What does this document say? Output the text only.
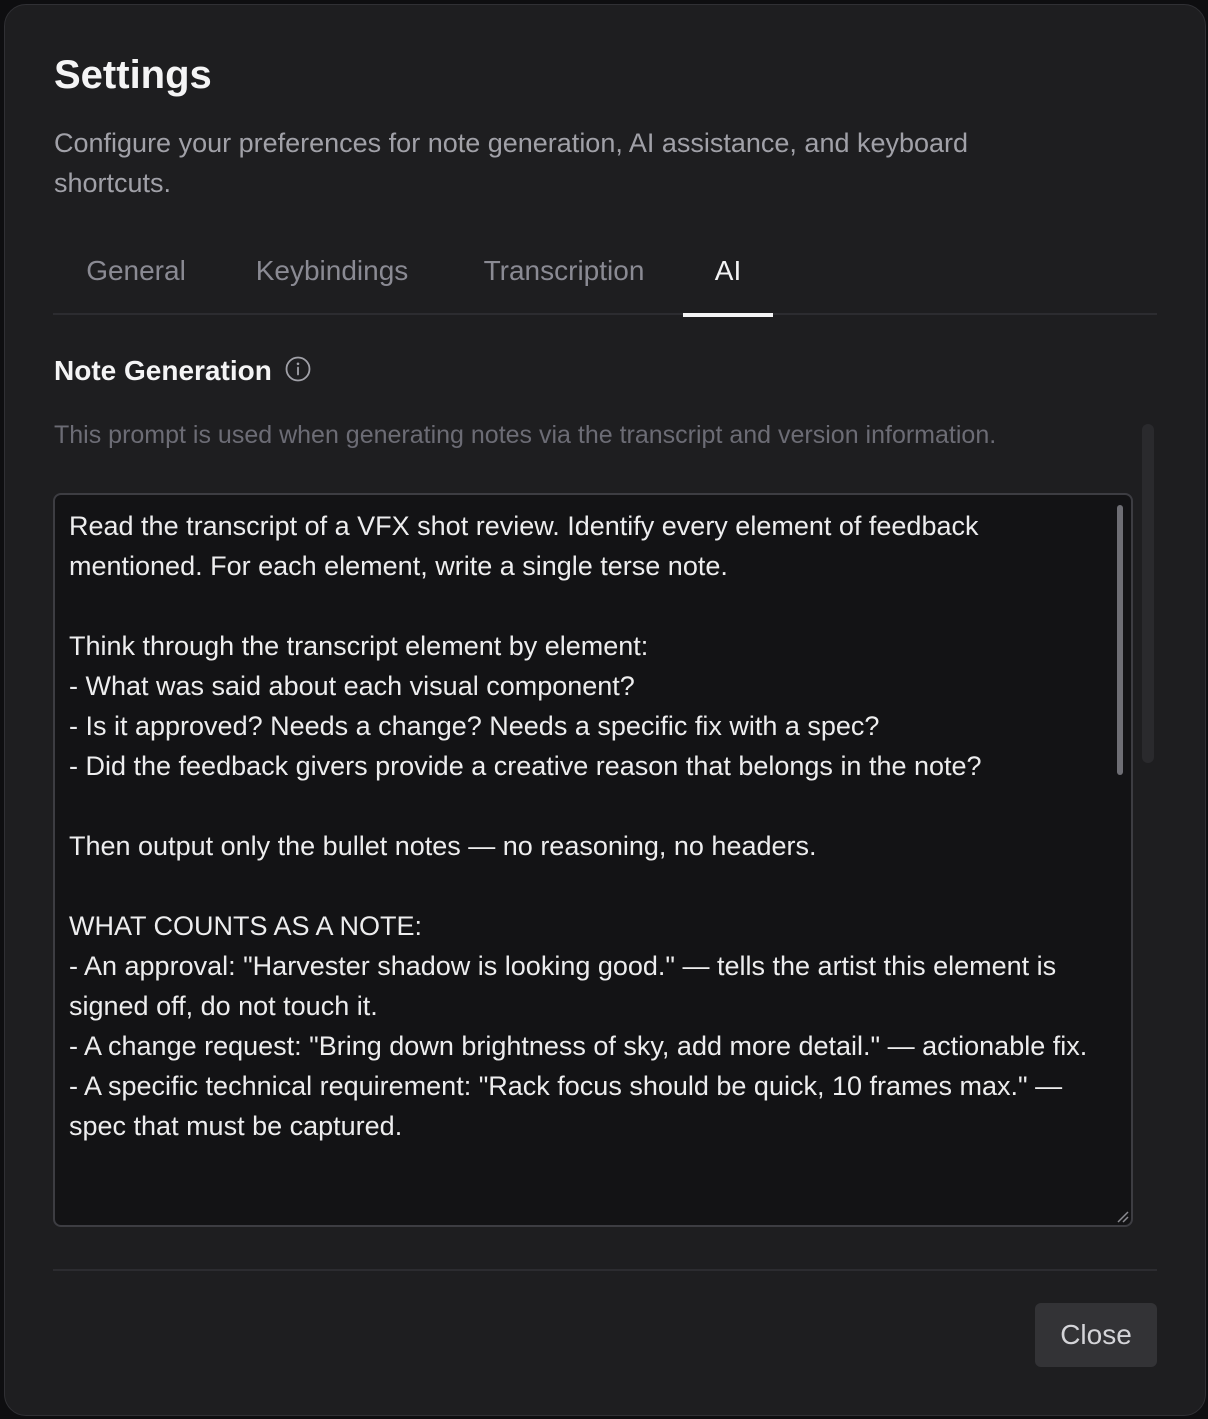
Settings
Configure your preferences for note generation, AI assistance, and keyboard shortcuts.
General Keybindings	Transcription	AI
Note Generation
This prompt is used when generating notes via the transcript and version information.
Read the transcript of a VFX shot review. Identify every element of feedback mentioned. For each element, write a single terse note.

Think through the transcript element by element:
- What was said about each visual component?
- Is it approved? Needs a change? Needs a specific fix with a spec?
- Did the feedback givers provide a creative reason that belongs in the note?

Then output only the bullet notes — no reasoning, no headers.

WHAT COUNTS AS A NOTE:
- An approval: "Harvester shadow is looking good." — tells the artist this element is signed off, do not touch it.
- A change request: "Bring down brightness of sky, add more detail." — actionable fix.
- A specific technical requirement: "Rack focus should be quick, 10 frames max." — spec that must be captured.
Close
